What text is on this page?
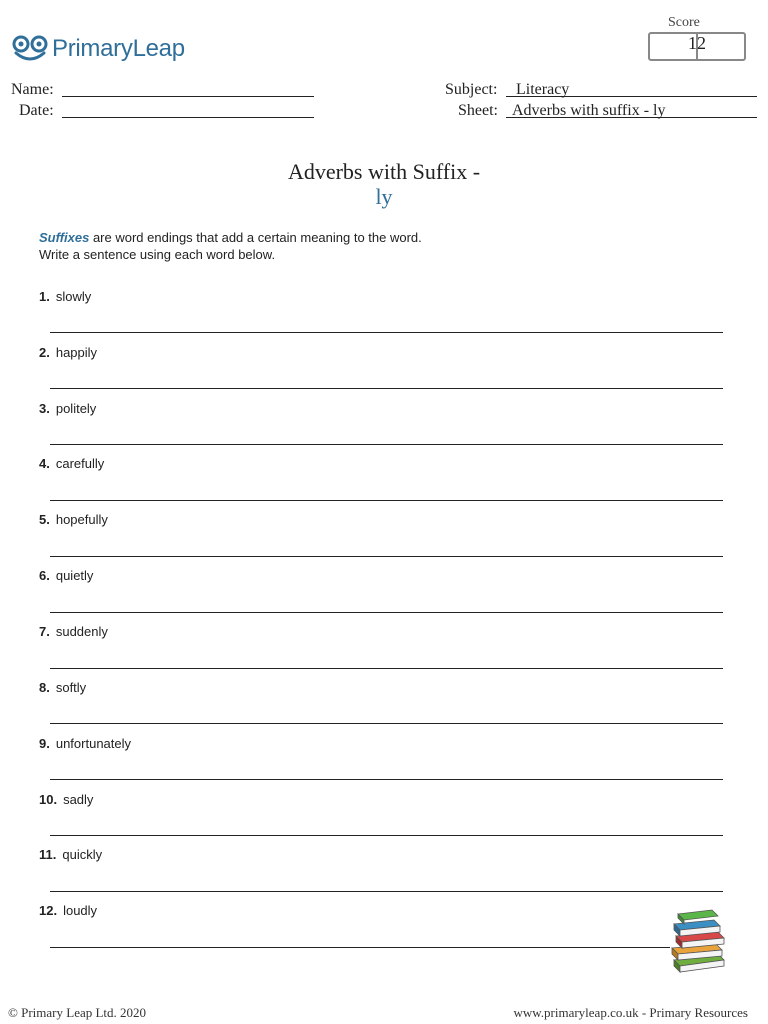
PrimaryLeap
Score
12
Name:
Date:
Subject: Literacy
Sheet: Adverbs with suffix - ly
Adverbs with Suffix -
ly
Suffixes are word endings that add a certain meaning to the word. Write a sentence using each word below.
1. slowly
2. happily
3. politely
4. carefully
5. hopefully
6. quietly
7. suddenly
8. softly
9. unfortunately
10. sadly
11. quickly
12. loudly
© Primary Leap Ltd. 2020	www.primaryleap.co.uk - Primary Resources
